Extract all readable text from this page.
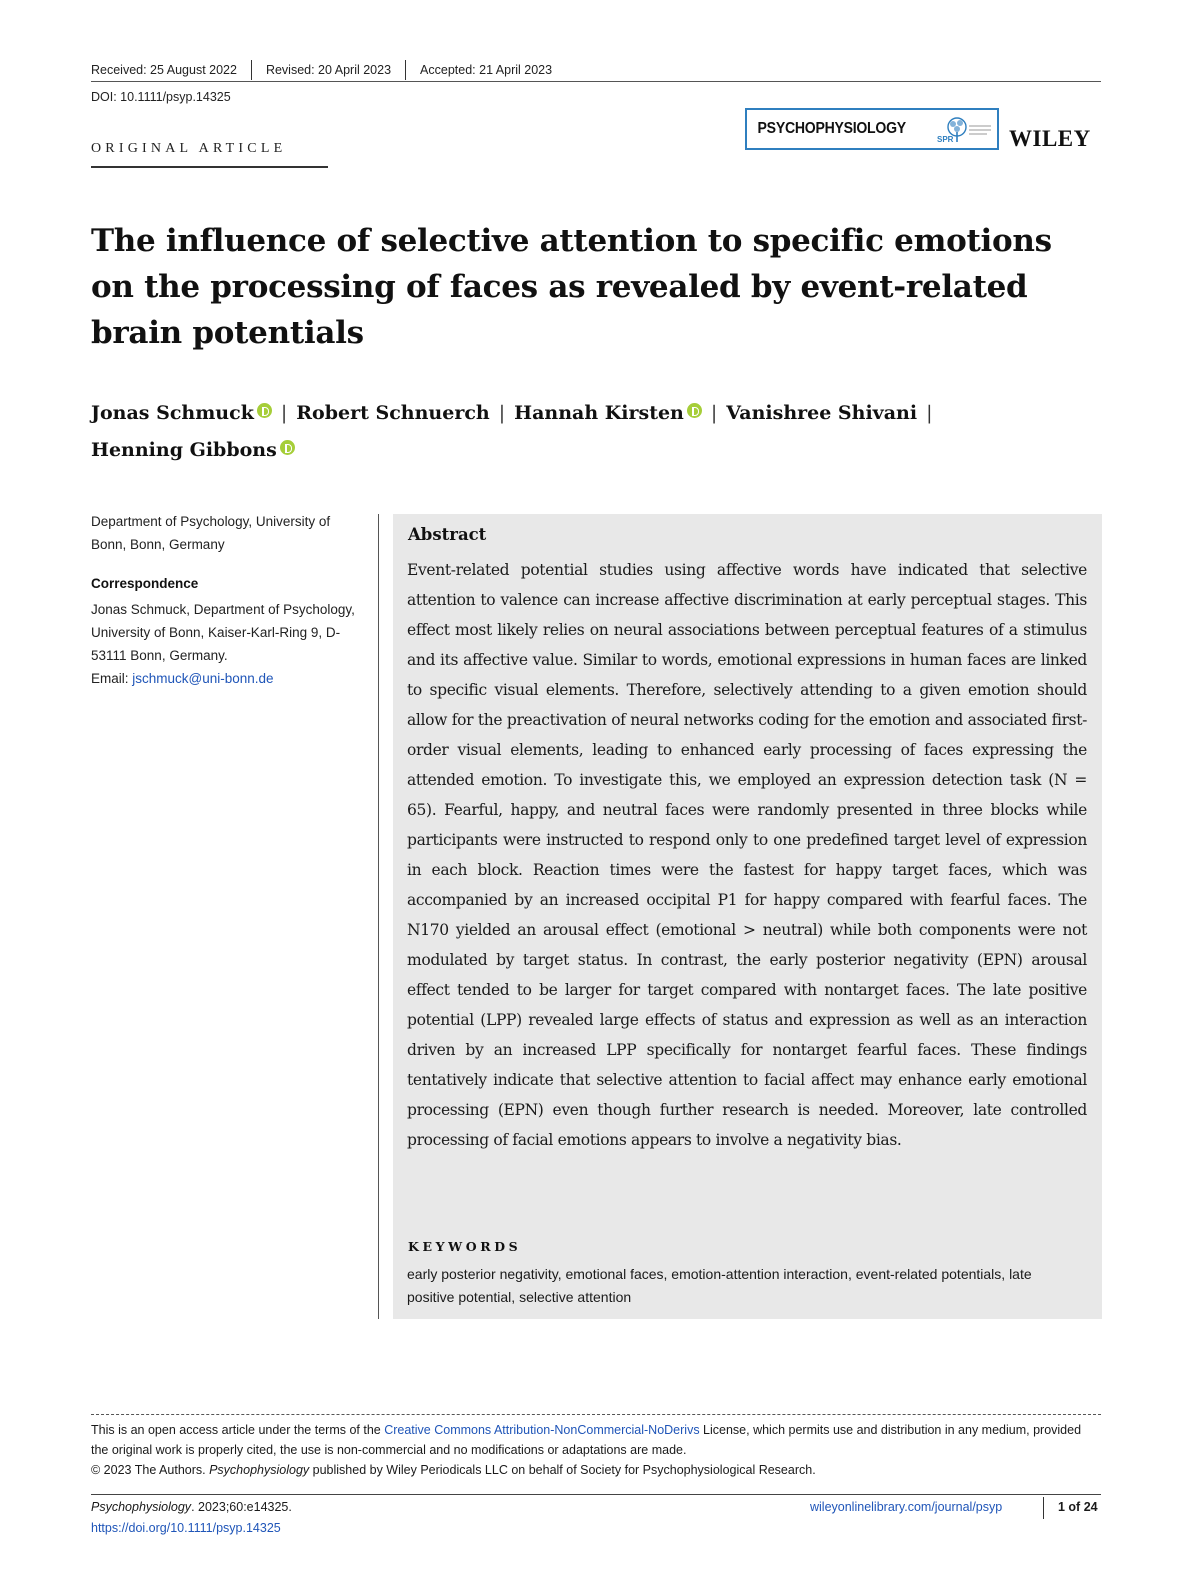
Received: 25 August 2022 Revised: 20 April 2023 Accepted: 21 April 2023
DOI: 10.1111/psyp.14325
ORIGINAL ARTICLE
PSYCHOPHYSIOLOGY
SPR WILEY
The influence of selective attention to specific emotions on the processing of faces as revealed by event-related brain potentials
Jonas Schmuck | Robert Schnuerch | Hannah Kirsten | Vanishree Shivani |
Henning Gibbons
Department of Psychology, University of Bonn, Bonn, Germany
Correspondence
Jonas Schmuck, Department of Psychology, University of Bonn, Kaiser-Karl-Ring 9, D-53111 Bonn, Germany.
Email: jschmuck@uni-bonn.de
Abstract

Event-related potential studies using affective words have indicated that selective attention to valence can increase affective discrimination at early perceptual stages. This effect most likely relies on neural associations between perceptual features of a stimulus and its affective value. Similar to words, emotional expressions in human faces are linked to specific visual elements. Therefore, selectively attending to a given emotion should allow for the preactivation of neural networks coding for the emotion and associated first-order visual elements, leading to enhanced early processing of faces expressing the attended emotion. To investigate this, we employed an expression detection task (N = 65). Fearful, happy, and neutral faces were randomly presented in three blocks while participants were instructed to respond only to one predefined target level of expression in each block. Reaction times were the fastest for happy target faces, which was accompanied by an increased occipital P1 for happy compared with fearful faces. The N170 yielded an arousal effect (emotional > neutral) while both components were not modulated by target status. In contrast, the early posterior negativity (EPN) arousal effect tended to be larger for target compared with nontarget faces. The late positive potential (LPP) revealed large effects of status and expression as well as an interaction driven by an increased LPP specifically for nontarget fearful faces. These findings tentatively indicate that selective attention to facial affect may enhance early emotional processing (EPN) even though further research is needed. Moreover, late controlled processing of facial emotions appears to involve a negativity bias.

KEYWORDS
early posterior negativity, emotional faces, emotion-attention interaction, event-related potentials, late positive potential, selective attention
This is an open access article under the terms of the Creative Commons Attribution-NonCommercial-NoDerivs License, which permits use and distribution in any medium, provided the original work is properly cited, the use is non-commercial and no modifications or adaptations are made.
© 2023 The Authors. Psychophysiology published by Wiley Periodicals LLC on behalf of Society for Psychophysiological Research.
Psychophysiology. 2023;60:e14325.
https://doi.org/10.1111/psyp.14325
wileyonlinelibrary.com/journal/psyp	1 of 24
